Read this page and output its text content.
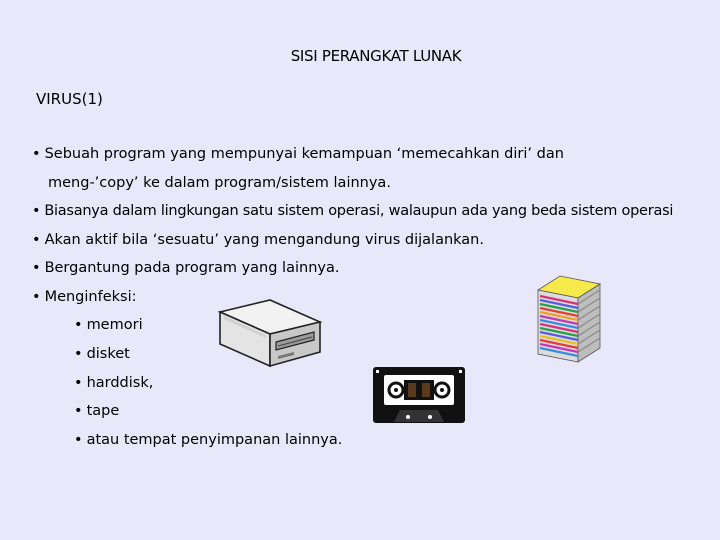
SISI PERANGKAT LUNAK
VIRUS(1)
• Sebuah program yang mempunyai kemampuan ‘memecahkan diri’ dan
meng-’copy’ ke dalam program/sistem lainnya.
• Biasanya dalam lingkungan satu sistem operasi, walaupun ada yang beda sistem operasi
• Akan aktif bila ‘sesuatu’ yang mengandung virus dijalankan.
• Bergantung pada program yang lainnya.
• Menginfeksi:
• memori
• disket
• harddisk,
• tape
• atau tempat penyimpanan lainnya.
